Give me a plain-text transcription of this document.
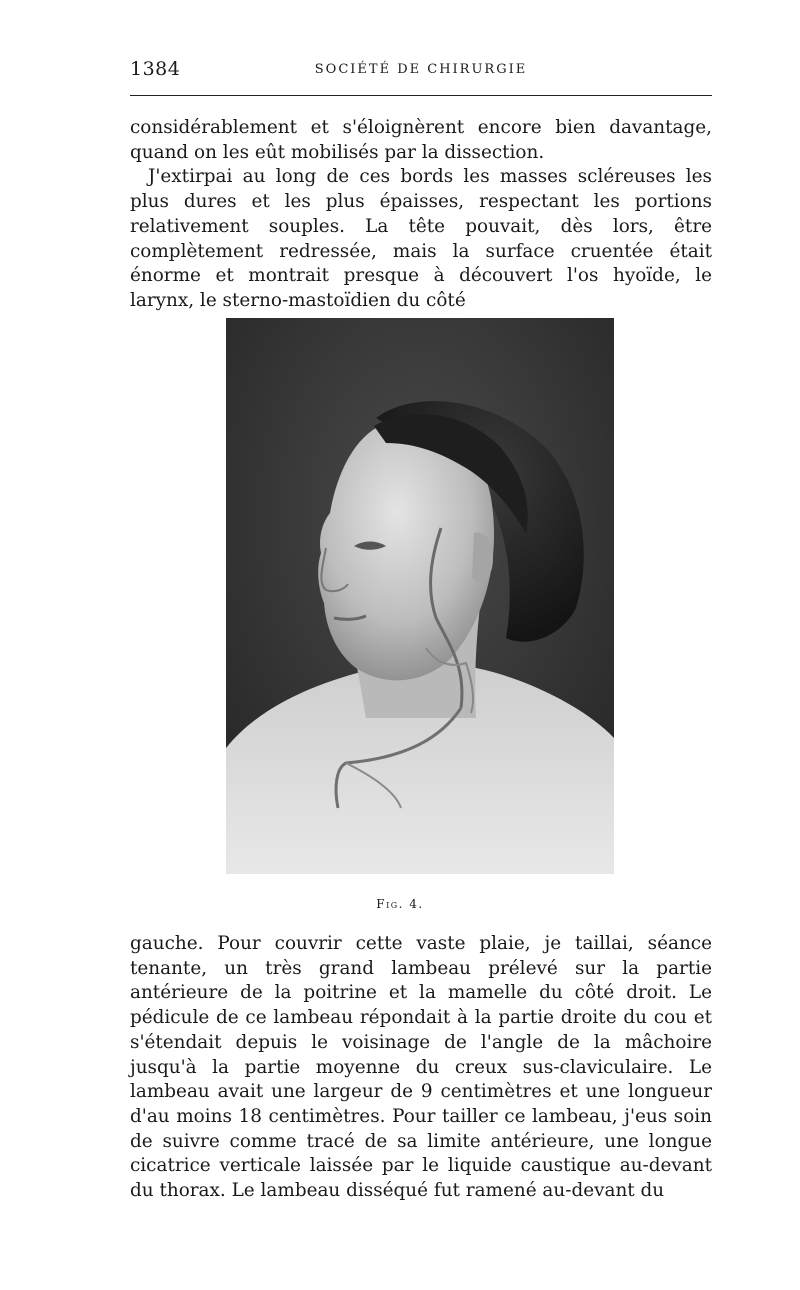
1384	SOCIÉTÉ DE CHIRURGIE
considérablement et s'éloignèrent encore bien davantage, quand on les eût mobilisés par la dissection.
J'extirpai au long de ces bords les masses scléreuses les plus dures et les plus épaisses, respectant les portions relativement souples. La tête pouvait, dès lors, être complètement redressée, mais la surface cruentée était énorme et montrait presque à découvert l'os hyoïde, le larynx, le sterno-mastoïdien du côté
Fig. 4.
gauche. Pour couvrir cette vaste plaie, je taillai, séance tenante, un très grand lambeau prélevé sur la partie antérieure de la poitrine et la mamelle du côté droit. Le pédicule de ce lambeau répondait à la partie droite du cou et s'étendait depuis le voisinage de l'angle de la mâchoire jusqu'à la partie moyenne du creux sus-claviculaire. Le lambeau avait une largeur de 9 centimètres et une longueur d'au moins 18 centimètres. Pour tailler ce lambeau, j'eus soin de suivre comme tracé de sa limite antérieure, une longue cicatrice verticale laissée par le liquide caustique au-devant du thorax. Le lambeau disséqué fut ramené au-devant du
